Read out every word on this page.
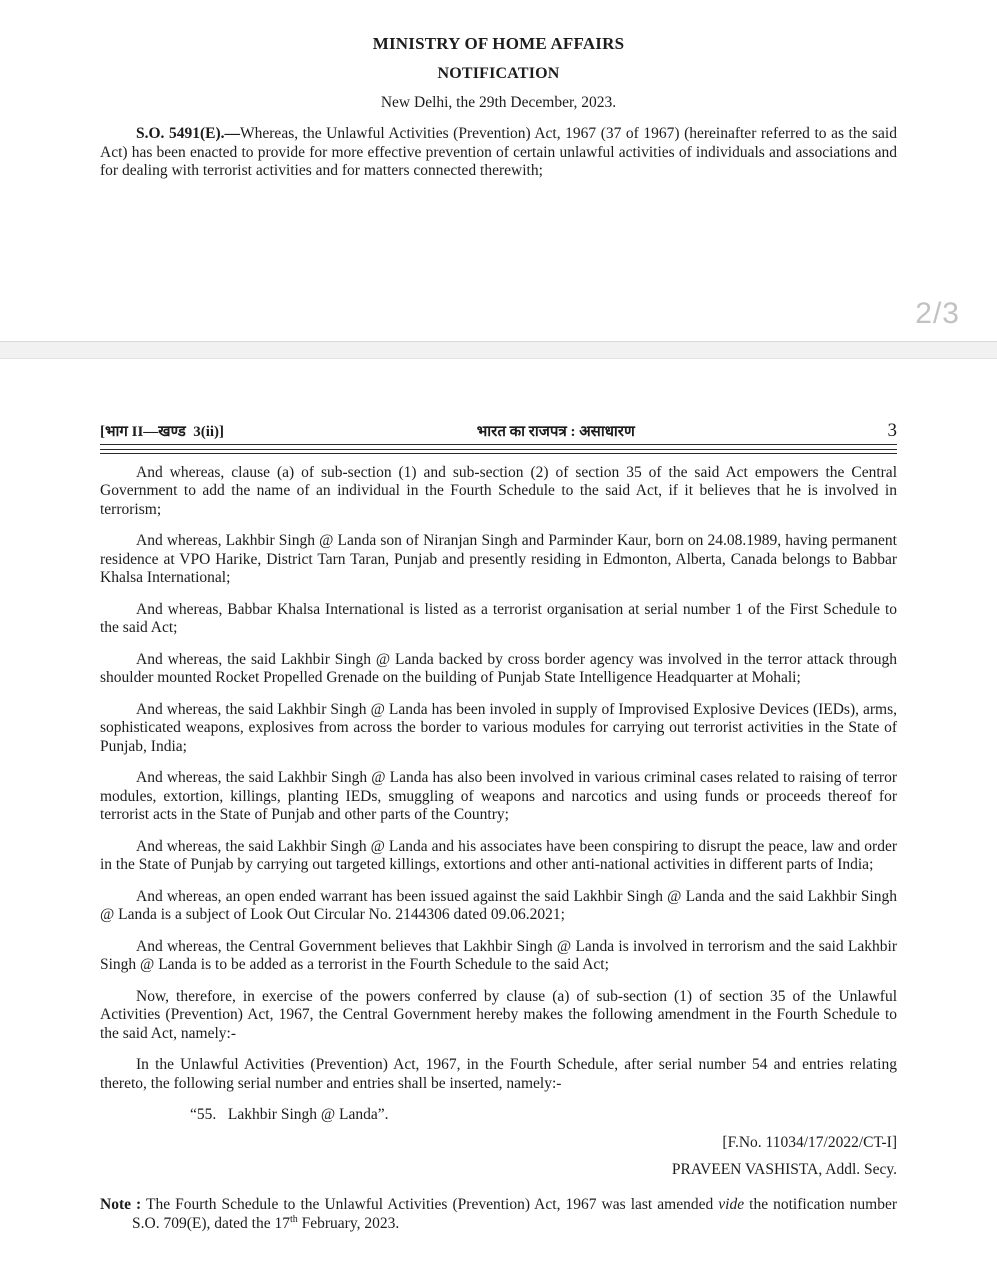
MINISTRY OF HOME AFFAIRS
NOTIFICATION

New Delhi, the 29th December, 2023.

S.O. 5491(E).—Whereas, the Unlawful Activities (Prevention) Act, 1967 (37 of 1967) (hereinafter referred to as the said Act) has been enacted to provide for more effective prevention of certain unlawful activities of individuals and associations and for dealing with terrorist activities and for matters connected therewith;

2/3
[भाग II—खण्ड  3(ii)]	भारत का राजपत्र : असाधारण	3

And whereas, clause (a) of sub-section (1) and sub-section (2) of section 35 of the said Act empowers the Central Government to add the name of an individual in the Fourth Schedule to the said Act, if it believes that he is involved in terrorism;

And whereas, Lakhbir Singh @ Landa son of Niranjan Singh and Parminder Kaur, born on 24.08.1989, having permanent residence at VPO Harike, District Tarn Taran, Punjab and presently residing in Edmonton, Alberta, Canada belongs to Babbar Khalsa International;

And whereas, Babbar Khalsa International is listed as a terrorist organisation at serial number 1 of the First Schedule to the said Act;

And whereas, the said Lakhbir Singh @ Landa backed by cross border agency was involved in the terror attack through shoulder mounted Rocket Propelled Grenade on the building of Punjab State Intelligence Headquarter at Mohali;

And whereas, the said Lakhbir Singh @ Landa has been involed in supply of Improvised Explosive Devices (IEDs), arms, sophisticated weapons, explosives from across the border to various modules for carrying out terrorist activities in the State of Punjab, India;

And whereas, the said Lakhbir Singh @ Landa has also been involved in various criminal cases related to raising of terror modules, extortion, killings, planting IEDs, smuggling of weapons and narcotics and using funds or proceeds thereof for terrorist acts in the State of Punjab and other parts of the Country;

And whereas, the said Lakhbir Singh @ Landa and his associates have been conspiring to disrupt the peace, law and order in the State of Punjab by carrying out targeted killings, extortions and other anti-national activities in different parts of India;

And whereas, an open ended warrant has been issued against the said Lakhbir Singh @ Landa and the said Lakhbir Singh @ Landa is a subject of Look Out Circular No. 2144306 dated 09.06.2021;

And whereas, the Central Government believes that Lakhbir Singh @ Landa is involved in terrorism and the said Lakhbir Singh @ Landa is to be added as a terrorist in the Fourth Schedule to the said Act;

Now, therefore, in exercise of the powers conferred by clause (a) of sub-section (1) of section 35 of the Unlawful Activities (Prevention) Act, 1967, the Central Government hereby makes the following amendment in the Fourth Schedule to the said Act, namely:-

In the Unlawful Activities (Prevention) Act, 1967, in the Fourth Schedule, after serial number 54 and entries relating thereto, the following serial number and entries shall be inserted, namely:-

“55.   Lakhbir Singh @ Landa”.

[F.No. 11034/17/2022/CT-I]

PRAVEEN VASHISTA, Addl. Secy.

Note : The Fourth Schedule to the Unlawful Activities (Prevention) Act, 1967 was last amended vide the notification number S.O. 709(E), dated the 17th February, 2023.
